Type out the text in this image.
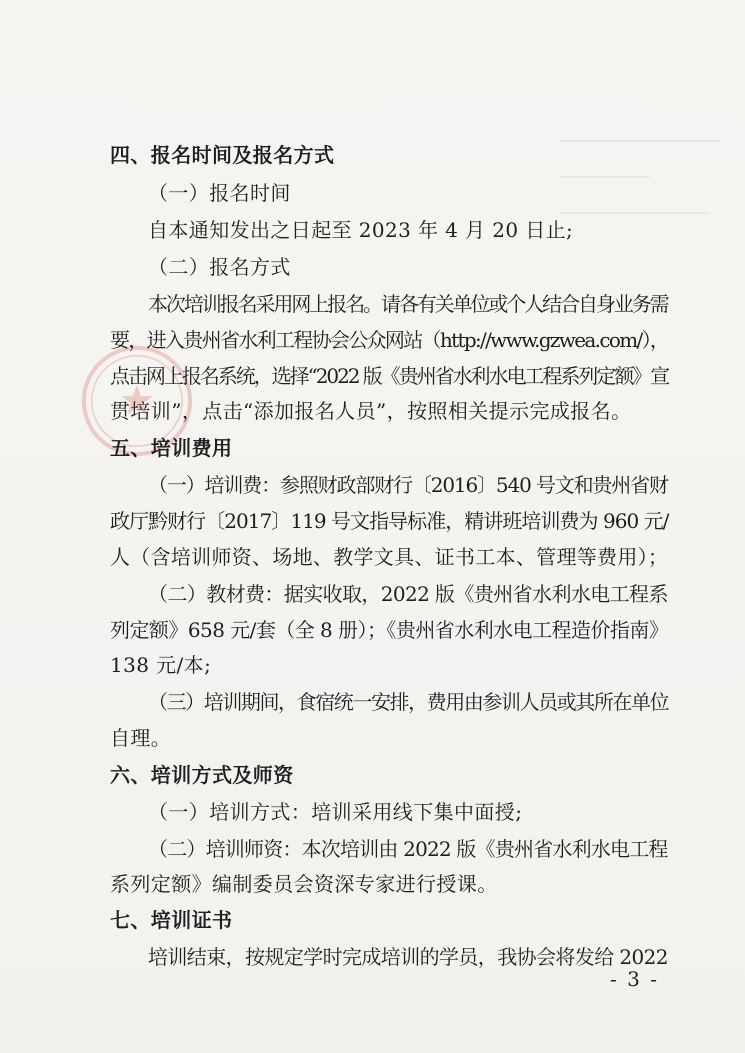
四、报名时间及报名方式
（一）报名时间
自本通知发出之日起至 2023 年 4 月 20 日止;
（二）报名方式
本次培训报名采用网上报名。请各有关单位或个人结合自身业务需
要，进入贵州省水利工程协会公众网站（http://www.gzwea.com/），
点击网上报名系统，选择“2022 版《贵州省水利水电工程系列定额》宣
贯培训”，点击“添加报名人员”，按照相关提示完成报名。
五、培训费用
（一）培训费：参照财政部财行〔2016〕540 号文和贵州省财
政厅黔财行〔2017〕119 号文指导标准，精讲班培训费为 960 元/
人（含培训师资、场地、教学文具、证书工本、管理等费用）；
（二）教材费：据实收取，2022 版《贵州省水利水电工程系
列定额》658 元/套（全 8 册）；《贵州省水利水电工程造价指南》
138 元/本;
（三）培训期间，食宿统一安排，费用由参训人员或其所在单位
自理。
六、培训方式及师资
（一）培训方式：培训采用线下集中面授;
（二）培训师资：本次培训由 2022 版《贵州省水利水电工程
系列定额》编制委员会资深专家进行授课。
七、培训证书
培训结束，按规定学时完成培训的学员，我协会将发给 2022
- 3 -
